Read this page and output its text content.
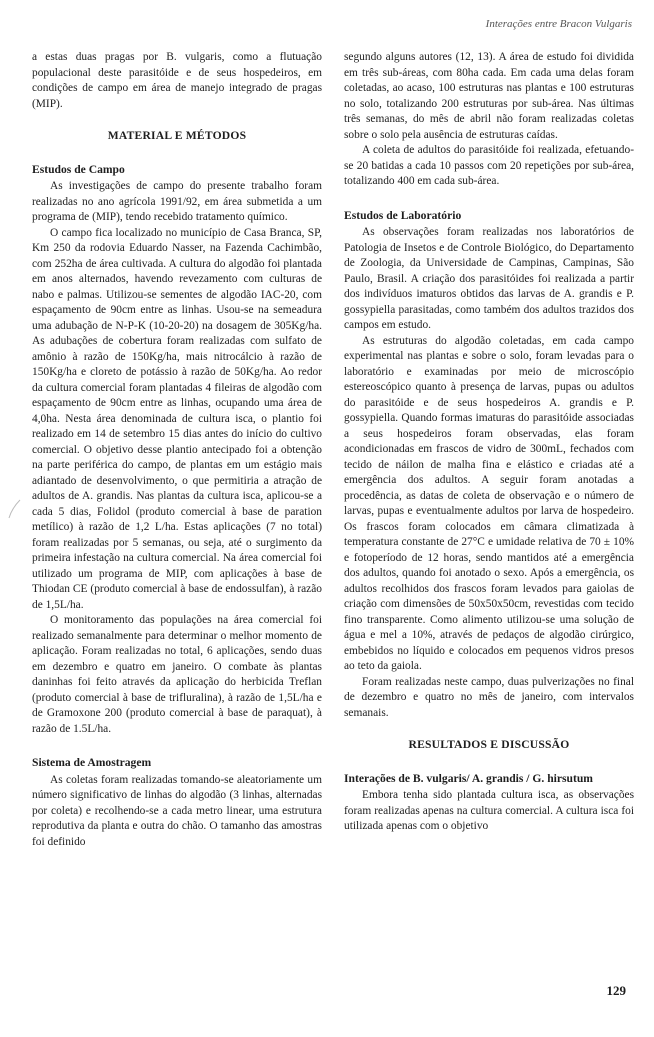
Interações entre Bracon Vulgaris

a estas duas pragas por B. vulgaris, como a flutuação populacional deste parasitóide e de seus hospedeiros, em condições de campo em área de manejo integrado de pragas (MIP).

MATERIAL E MÉTODOS
Estudos de Campo

As investigações de campo do presente trabalho foram realizadas no ano agrícola 1991/92, em área submetida a um programa de (MIP), tendo recebido tratamento químico.

O campo fica localizado no município de Casa Branca, SP, Km 250 da rodovia Eduardo Nasser, na Fazenda Cachimbão, com 252ha de área cultivada. A cultura do algodão foi plantada em anos alternados, havendo revezamento com culturas de nabo e palmas. Utilizou-se sementes de algodão IAC-20, com espaçamento de 90cm entre as linhas. Usou-se na semeadura uma adubação de N-P-K (10-20-20) na dosagem de 305Kg/ha. As adubações de cobertura foram realizadas com sulfato de amônio à razão de 150Kg/ha, mais nitrocálcio à razão de 150Kg/ha e cloreto de potássio à razão de 50Kg/ha. Ao redor da cultura comercial foram plantadas 4 fileiras de algodão com espaçamento de 90cm entre as linhas, ocupando uma área de 4,0ha. Nesta área denominada de cultura isca, o plantio foi realizado em 14 de setembro 15 dias antes do início do cultivo comercial. O objetivo desse plantio antecipado foi a obtenção na parte periférica do campo, de plantas em um estágio mais adiantado de desenvolvimento, o que permitiria a atração de adultos de A. grandis. Nas plantas da cultura isca, aplicou-se a cada 5 dias, Folidol (produto comercial à base de paration metílico) à razão de 1,2 L/ha. Estas aplicações (7 no total) foram realizadas por 5 semanas, ou seja, até o surgimento da primeira infestação na cultura comercial. Na área comercial foi utilizado um programa de MIP, com aplicações à base de Thiodan CE (produto comercial à base de endossulfan), à razão de 1,5L/ha.

O monitoramento das populações na área comercial foi realizado semanalmente para determinar o melhor momento de aplicação. Foram realizadas no total, 6 aplicações, sendo duas em dezembro e quatro em janeiro. O combate às plantas daninhas foi feito através da aplicação do herbicida Treflan (produto comercial à base de trifluralina), à razão de 1,5L/ha e de Gramoxone 200 (produto comercial à base de paraquat), à razão de 1.5L/ha.

Sistema de Amostragem

As coletas foram realizadas tomando-se aleatoriamente um número significativo de linhas do algodão (3 linhas, alternadas por coleta) e recolhendo-se a cada metro linear, uma estrutura reprodutiva da planta e outra do chão. O tamanho das amostras foi definido

segundo alguns autores (12, 13). A área de estudo foi dividida em três sub-áreas, com 80ha cada. Em cada uma delas foram coletadas, ao acaso, 100 estruturas nas plantas e 100 estruturas no solo, totalizando 200 estruturas por sub-área. Nas últimas três semanas, do mês de abril não foram realizadas coletas sobre o solo pela ausência de estruturas caídas.

A coleta de adultos do parasitóide foi realizada, efetuando-se 20 batidas a cada 10 passos com 20 repetições por sub-área, totalizando 400 em cada sub-área.

Estudos de Laboratório

As observações foram realizadas nos laboratórios de Patologia de Insetos e de Controle Biológico, do Departamento de Zoologia, da Universidade de Campinas, Campinas, São Paulo, Brasil. A criação dos parasitóides foi realizada a partir dos indivíduos imaturos obtidos das larvas de A. grandis e P. gossypiella parasitadas, como também dos adultos trazidos dos campos em estudo.

As estruturas do algodão coletadas, em cada campo experimental nas plantas e sobre o solo, foram levadas para o laboratório e examinadas por meio de microscópio estereoscópico quanto à presença de larvas, pupas ou adultos do parasitóide e de seus hospedeiros A. grandis e P. gossypiella. Quando formas imaturas do parasitóide associadas a seus hospedeiros foram observadas, elas foram acondicionadas em frascos de vidro de 300mL, fechados com tecido de náilon de malha fina e elástico e criadas até a emergência dos adultos. A seguir foram anotadas a procedência, as datas de coleta de observação e o número de larvas, pupas e eventualmente adultos por larva de hospedeiro. Os frascos foram colocados em câmara climatizada à temperatura constante de 27°C e umidade relativa de 70 ± 10% e fotoperíodo de 12 horas, sendo mantidos até a emergência dos adultos, quando foi anotado o sexo. Após a emergência, os adultos recolhidos dos frascos foram levados para gaiolas de criação com dimensões de 50x50x50cm, revestidas com tecido fino transparente. Como alimento utilizou-se uma solução de água e mel a 10%, através de pedaços de algodão cirúrgico, embebidos no líquido e colocados em pequenos vidros presos ao teto da gaiola.

Foram realizadas neste campo, duas pulverizações no final de dezembro e quatro no mês de janeiro, com intervalos semanais.

RESULTADOS E DISCUSSÃO
Interações de B. vulgaris/ A. grandis / G. hirsutum

Embora tenha sido plantada cultura isca, as observações foram realizadas apenas na cultura comercial. A cultura isca foi utilizada apenas com o objetivo

129
